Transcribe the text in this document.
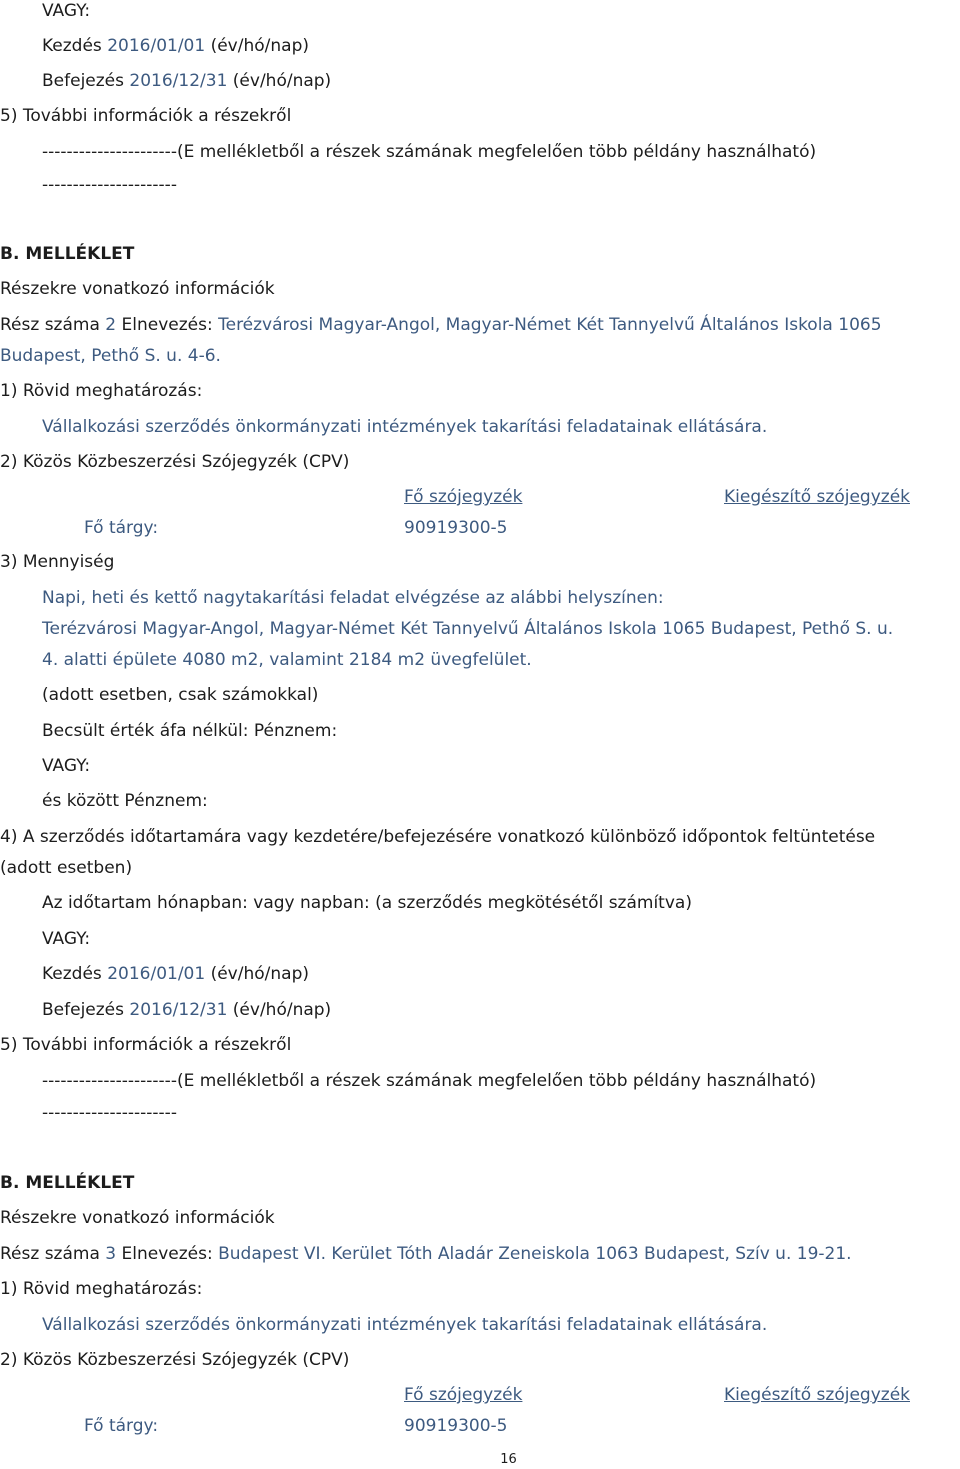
VAGY:
Kezdés 2016/01/01 (év/hó/nap)
Befejezés 2016/12/31 (év/hó/nap)
5) További információk a részekről
----------------------(E mellékletből a részek számának megfelelően több példány használható)
----------------------
B. MELLÉKLET
Részekre vonatkozó információk
Rész száma 2 Elnevezés: Terézvárosi Magyar-Angol, Magyar-Német Két Tannyelvű Általános Iskola 1065
Budapest, Pethő S. u. 4-6.
1) Rövid meghatározás:
Vállalkozási szerződés önkormányzati intézmények takarítási feladatainak ellátására.
2) Közös Közbeszerzési Szójegyzék (CPV)
Fő szójegyzék	Kiegészítő szójegyzék
Fő tárgy:	90919300-5
3) Mennyiség
Napi, heti és kettő nagytakarítási feladat elvégzése az alábbi helyszínen:
Terézvárosi Magyar-Angol, Magyar-Német Két Tannyelvű Általános Iskola 1065 Budapest, Pethő S. u.
4. alatti épülete 4080 m2, valamint 2184 m2 üvegfelület.
(adott esetben, csak számokkal)
Becsült érték áfa nélkül: Pénznem:
VAGY:
és között Pénznem:
4) A szerződés időtartamára vagy kezdetére/befejezésére vonatkozó különböző időpontok feltüntetése
(adott esetben)
Az időtartam hónapban: vagy napban: (a szerződés megkötésétől számítva)
VAGY:
Kezdés 2016/01/01 (év/hó/nap)
Befejezés 2016/12/31 (év/hó/nap)
5) További információk a részekről
----------------------(E mellékletből a részek számának megfelelően több példány használható)
----------------------
B. MELLÉKLET
Részekre vonatkozó információk
Rész száma 3 Elnevezés: Budapest VI. Kerület Tóth Aladár Zeneiskola 1063 Budapest, Szív u. 19-21.
1) Rövid meghatározás:
Vállalkozási szerződés önkormányzati intézmények takarítási feladatainak ellátására.
2) Közös Közbeszerzési Szójegyzék (CPV)
Fő szójegyzék	Kiegészítő szójegyzék
Fő tárgy:	90919300-5
16
